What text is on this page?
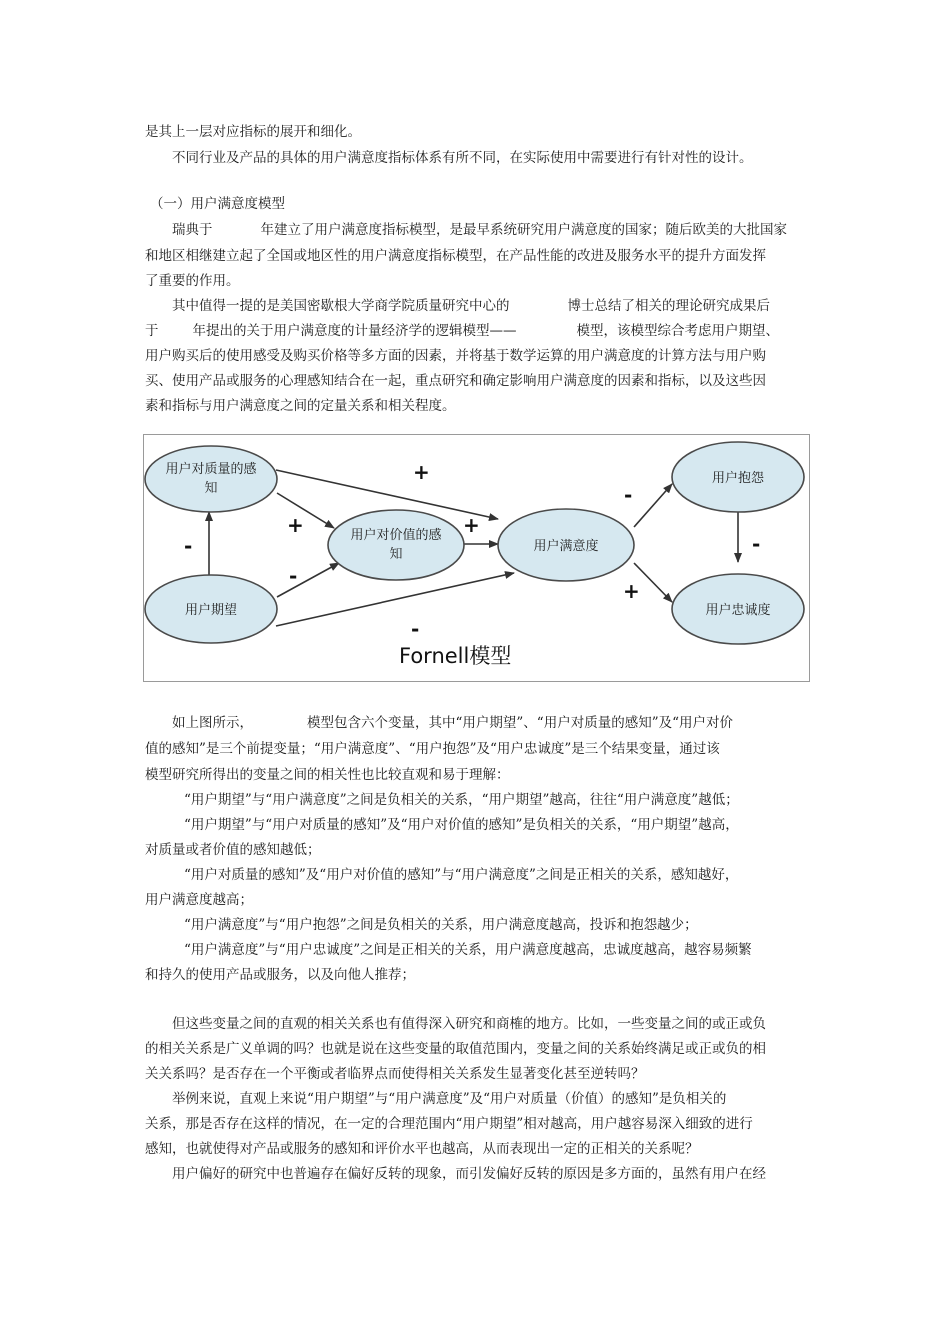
是其上一层对应指标的展开和细化。
不同行业及产品的具体的用户满意度指标体系有所不同，在实际使用中需要进行有针对性的设计。
（一）用户满意度模型
瑞典于	年建立了用户满意度指标模型，是最早系统研究用户满意度的国家；随后欧美的大批国家
和地区相继建立起了全国或地区性的用户满意度指标模型，在产品性能的改进及服务水平的提升方面发挥
了重要的作用。
其中值得一提的是美国密歇根大学商学院质量研究中心的	博士总结了相关的理论研究成果后
于	年提出的关于用户满意度的计量经济学的逻辑模型——	模型，该模型综合考虑用户期望、
用户购买后的使用感受及购买价格等多方面的因素，并将基于数学运算的用户满意度的计算方法与用户购
买、使用产品或服务的心理感知结合在一起，重点研究和确定影响用户满意度的因素和指标，以及这些因
素和指标与用户满意度之间的定量关系和相关程度。
用户对质量的感
知
用户对价值的感
知
用户期望
用户满意度
用户抱怨
用户忠诚度
+
+
-
-
+
-
-
-
+
Fornell模型
如上图所示，	模型包含六个变量，其中“用户期望”、“用户对质量的感知”及“用户对价
值的感知”是三个前提变量；“用户满意度”、“用户抱怨”及“用户忠诚度”是三个结果变量，通过该
模型研究所得出的变量之间的相关性也比较直观和易于理解：
“用户期望”与“用户满意度”之间是负相关的关系，“用户期望”越高，往往“用户满意度”越低；
“用户期望”与“用户对质量的感知”及“用户对价值的感知”是负相关的关系，“用户期望”越高，
对质量或者价值的感知越低；
“用户对质量的感知”及“用户对价值的感知”与“用户满意度”之间是正相关的关系，感知越好，
用户满意度越高；
“用户满意度”与“用户抱怨”之间是负相关的关系，用户满意度越高，投诉和抱怨越少；
“用户满意度”与“用户忠诚度”之间是正相关的关系，用户满意度越高，忠诚度越高，越容易频繁
和持久的使用产品或服务，以及向他人推荐；
但这些变量之间的直观的相关关系也有值得深入研究和商榷的地方。比如，一些变量之间的或正或负
的相关关系是广义单调的吗？也就是说在这些变量的取值范围内，变量之间的关系始终满足或正或负的相
关关系吗？是否存在一个平衡或者临界点而使得相关关系发生显著变化甚至逆转吗？
举例来说，直观上来说“用户期望”与“用户满意度”及“用户对质量（价值）的感知”是负相关的
关系，那是否存在这样的情况，在一定的合理范围内“用户期望”相对越高，用户越容易深入细致的进行
感知，也就使得对产品或服务的感知和评价水平也越高，从而表现出一定的正相关的关系呢？
用户偏好的研究中也普遍存在偏好反转的现象，而引发偏好反转的原因是多方面的，虽然有用户在经
